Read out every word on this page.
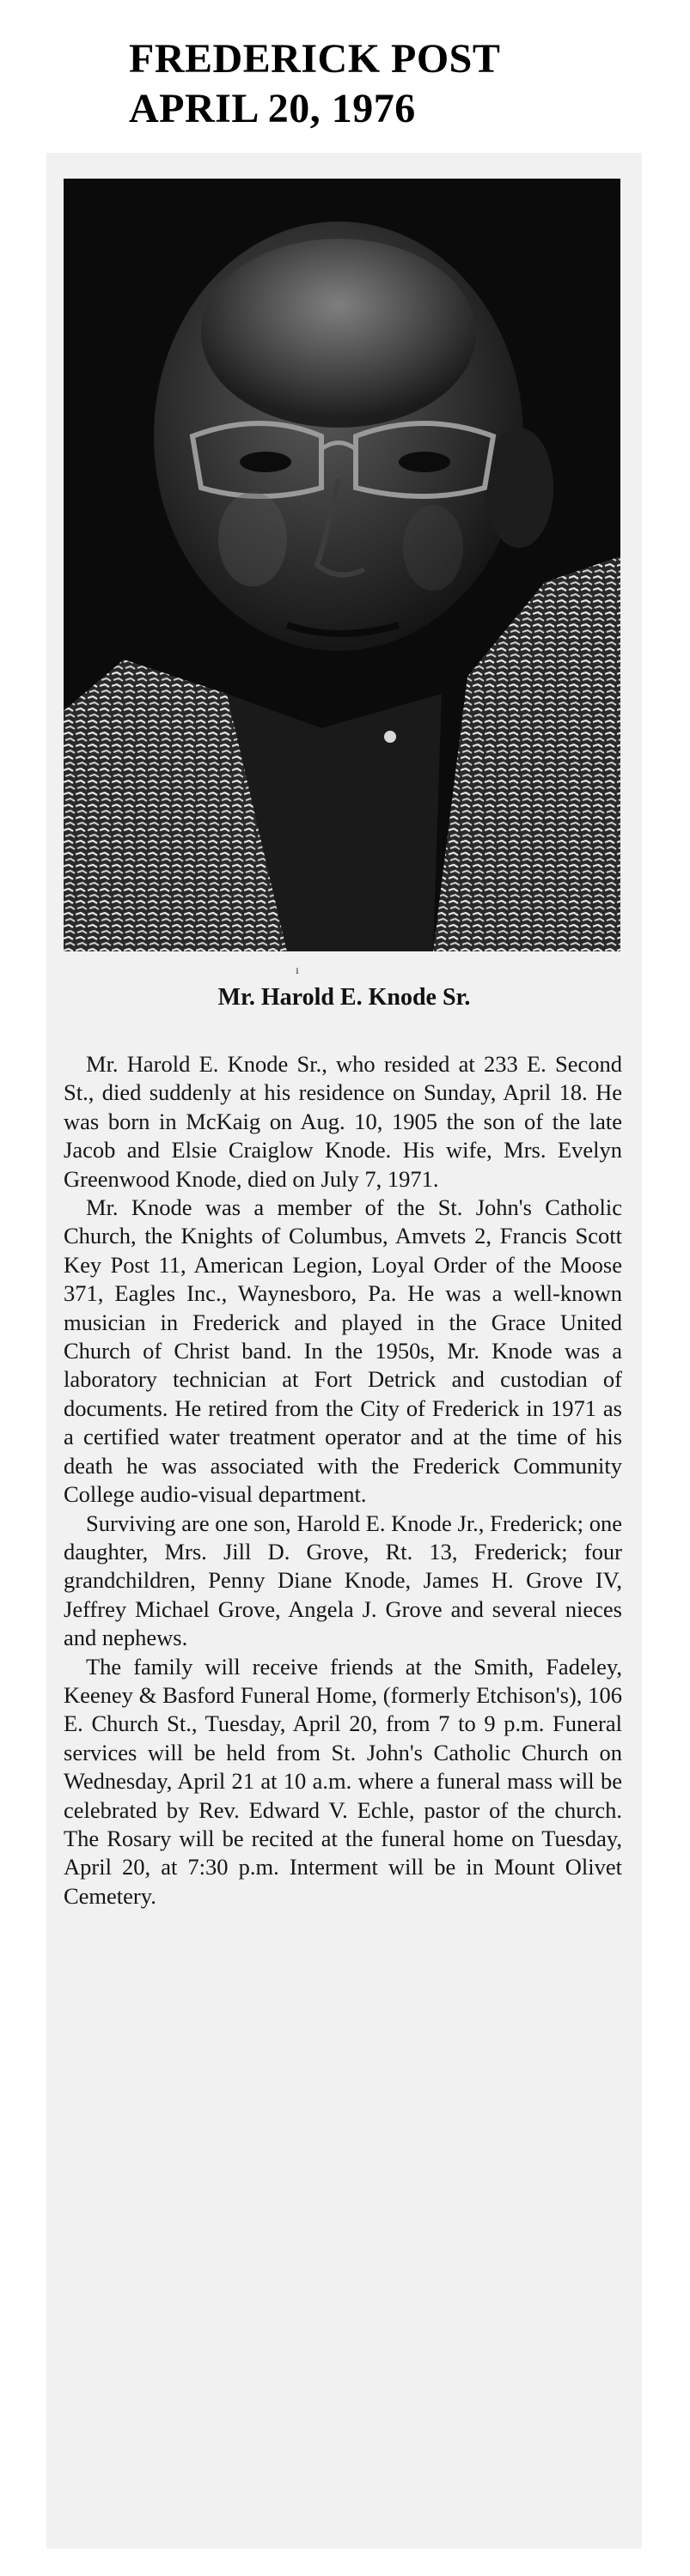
FREDERICK POST
APRIL 20, 1976
ı
Mr. Harold E. Knode Sr.

Mr. Harold E. Knode Sr., who resided at 233 E. Second St., died suddenly at his residence on Sunday, April 18. He was born in McKaig on Aug. 10, 1905 the son of the late Jacob and Elsie Craiglow Knode. His wife, Mrs. Evelyn Greenwood Knode, died on July 7, 1971.

Mr. Knode was a member of the St. John's Catholic Church, the Knights of Columbus, Amvets 2, Francis Scott Key Post 11, American Legion, Loyal Order of the Moose 371, Eagles Inc., Waynesboro, Pa. He was a well-known musician in Frederick and played in the Grace United Church of Christ band. In the 1950s, Mr. Knode was a laboratory technician at Fort Detrick and custodian of documents. He retired from the City of Frederick in 1971 as a certified water treatment operator and at the time of his death he was associated with the Frederick Community College audio-visual department.

Surviving are one son, Harold E. Knode Jr., Frederick; one daughter, Mrs. Jill D. Grove, Rt. 13, Frederick; four grandchildren, Penny Diane Knode, James H. Grove IV, Jeffrey Michael Grove, Angela J. Grove and several nieces and nephews.

The family will receive friends at the Smith, Fadeley, Keeney & Basford Funeral Home, (formerly Etchison's), 106 E. Church St., Tuesday, April 20, from 7 to 9 p.m. Funeral services will be held from St. John's Catholic Church on Wednesday, April 21 at 10 a.m. where a funeral mass will be celebrated by Rev. Edward V. Echle, pastor of the church. The Rosary will be recited at the funeral home on Tuesday, April 20, at 7:30 p.m. Interment will be in Mount Olivet Cemetery.
